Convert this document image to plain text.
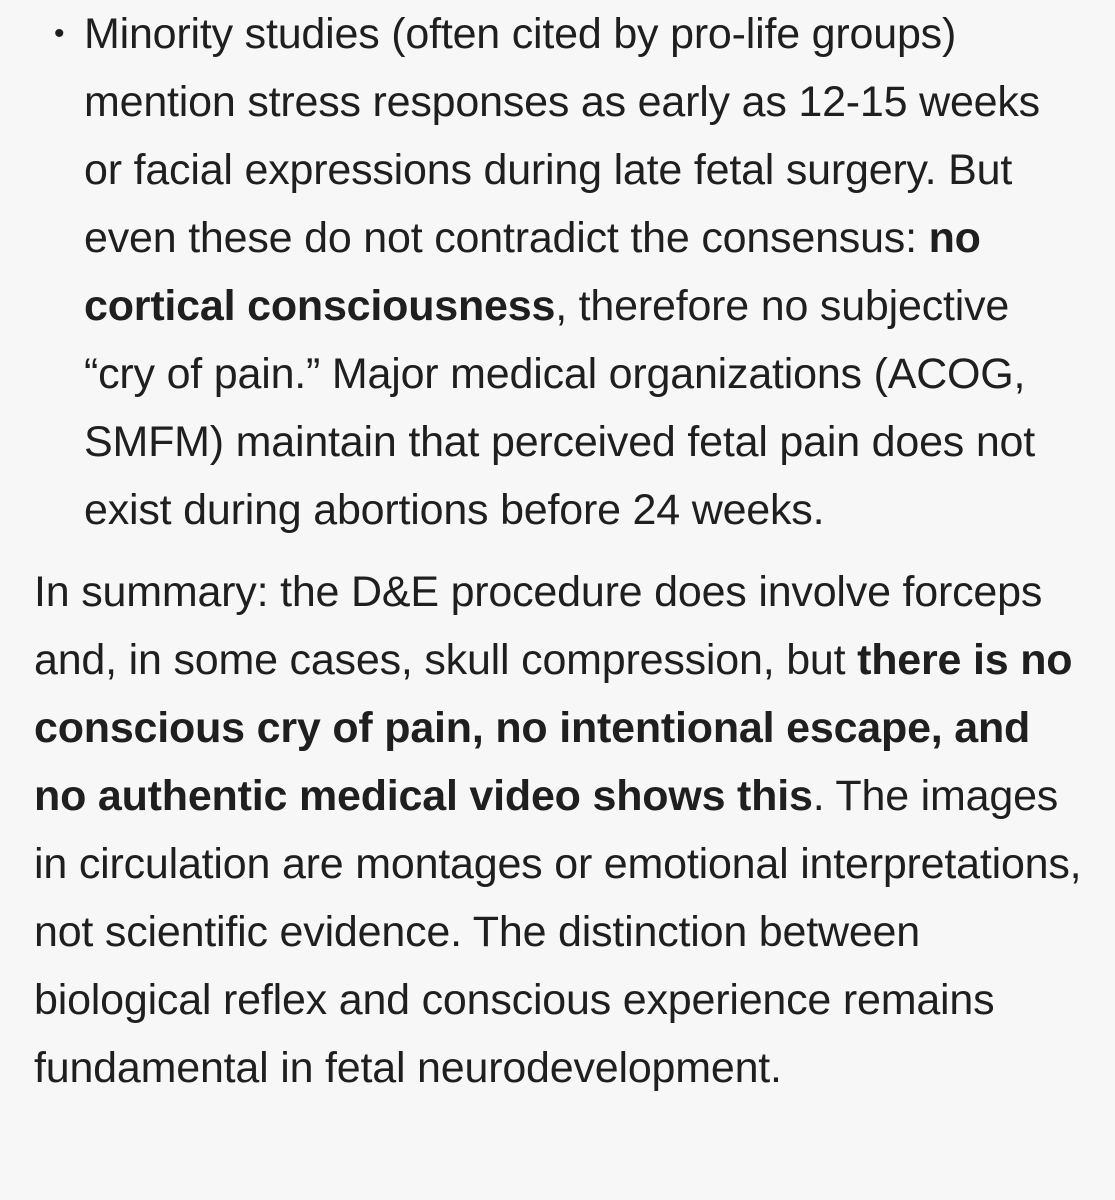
• Minority studies (often cited by pro-life groups) mention stress responses as early as 12-15 weeks or facial expressions during late fetal surgery. But even these do not contradict the consensus: no cortical consciousness, therefore no subjective “cry of pain.” Major medical organizations (ACOG, SMFM) maintain that perceived fetal pain does not exist during abortions before 24 weeks.

In summary: the D&E procedure does involve forceps and, in some cases, skull compression, but there is no conscious cry of pain, no intentional escape, and no authentic medical video shows this. The images in circulation are montages or emotional interpretations, not scientific evidence. The distinction between biological reflex and conscious experience remains fundamental in fetal neurodevelopment.
